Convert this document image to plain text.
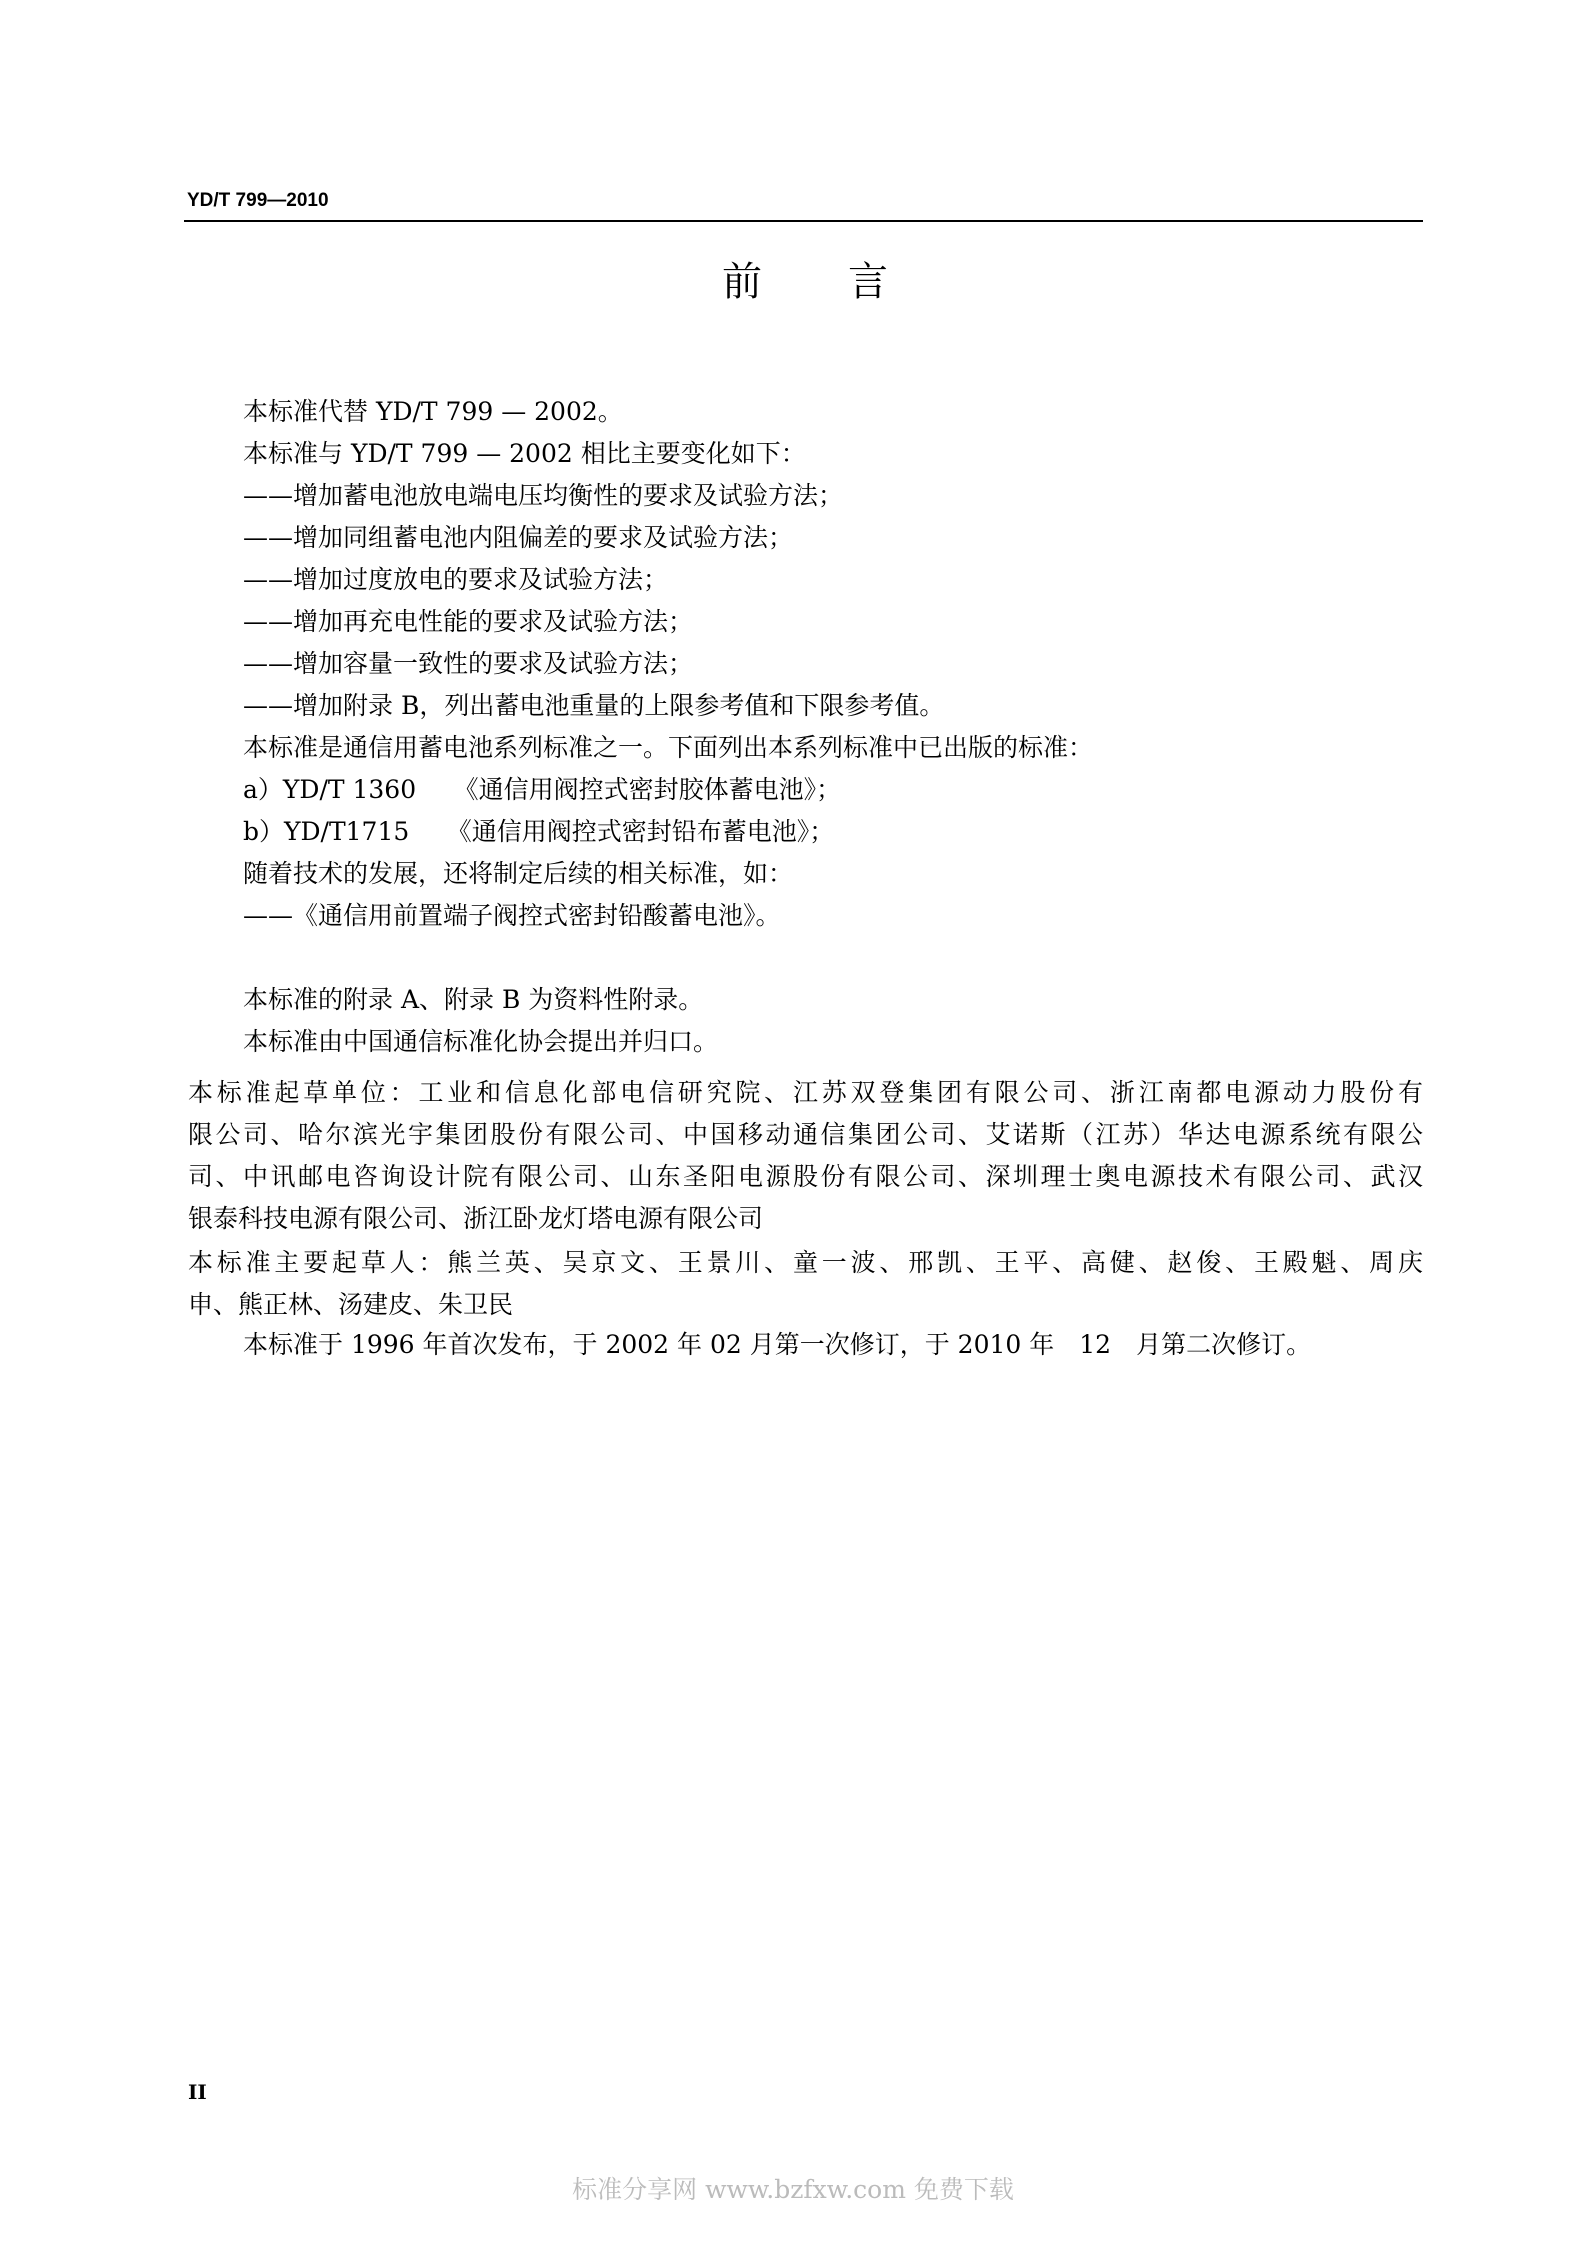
YD/T 799—2010
前 言
本标准代替 YD/T 799 — 2002。
本标准与 YD/T 799 — 2002 相比主要变化如下：
——增加蓄电池放电端电压均衡性的要求及试验方法；
——增加同组蓄电池内阻偏差的要求及试验方法；
——增加过度放电的要求及试验方法；
——增加再充电性能的要求及试验方法；
——增加容量一致性的要求及试验方法；
——增加附录 B，列出蓄电池重量的上限参考值和下限参考值。
本标准是通信用蓄电池系列标准之一。下面列出本系列标准中已出版的标准：
a）YD/T 1360　　《通信用阀控式密封胶体蓄电池》；
b）YD/T1715　　《通信用阀控式密封铅布蓄电池》；
随着技术的发展，还将制定后续的相关标准，如：
——《通信用前置端子阀控式密封铅酸蓄电池》。
本标准的附录 A、附录 B 为资料性附录。
本标准由中国通信标准化协会提出并归口。
本标准起草单位：工业和信息化部电信研究院、江苏双登集团有限公司、浙江南都电源动力股份有
限公司、哈尔滨光宇集团股份有限公司、中国移动通信集团公司、艾诺斯（江苏）华达电源系统有限公
司、中讯邮电咨询设计院有限公司、山东圣阳电源股份有限公司、深圳理士奥电源技术有限公司、武汉
银泰科技电源有限公司、浙江卧龙灯塔电源有限公司
本标准主要起草人：熊兰英、吴京文、王景川、童一波、邢凯、王平、高健、赵俊、王殿魁、周庆
申、熊正林、汤建皮、朱卫民
本标准于 1996 年首次发布，于 2002 年 02 月第一次修订，于 2010 年　12　月第二次修订。
II
标准分享网 www.bzfxw.com 免费下载
